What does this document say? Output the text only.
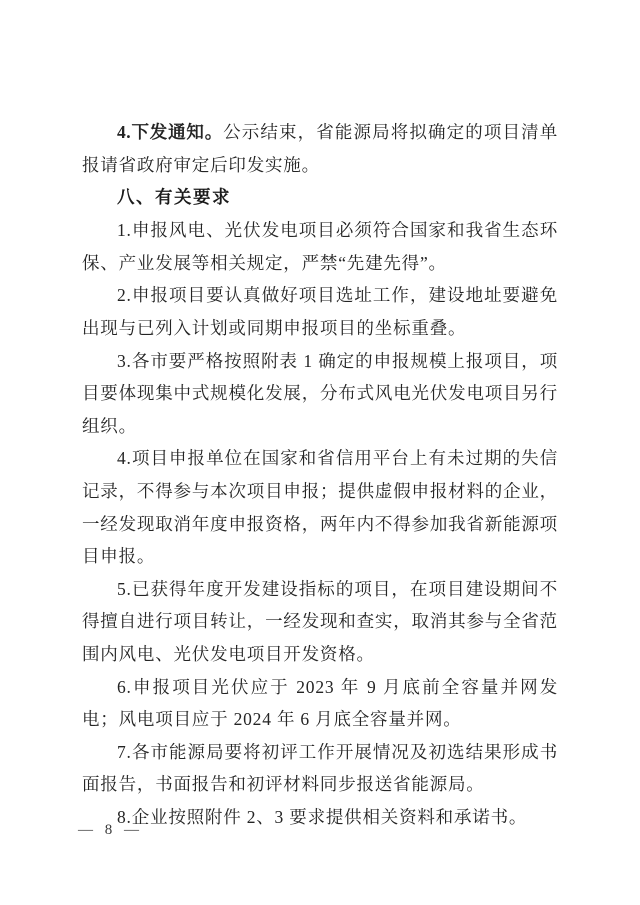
4.下发通知。公示结束，省能源局将拟确定的项目清单报请省政府审定后印发实施。

八、有关要求

1.申报风电、光伏发电项目必须符合国家和我省生态环保、产业发展等相关规定，严禁“先建先得”。

2.申报项目要认真做好项目选址工作，建设地址要避免出现与已列入计划或同期申报项目的坐标重叠。

3.各市要严格按照附表 1 确定的申报规模上报项目，项目要体现集中式规模化发展，分布式风电光伏发电项目另行组织。

4.项目申报单位在国家和省信用平台上有未过期的失信记录，不得参与本次项目申报；提供虚假申报材料的企业，一经发现取消年度申报资格，两年内不得参加我省新能源项目申报。

5.已获得年度开发建设指标的项目，在项目建设期间不得擅自进行项目转让，一经发现和查实，取消其参与全省范围内风电、光伏发电项目开发资格。

6.申报项目光伏应于 2023 年 9 月底前全容量并网发电；风电项目应于 2024 年 6 月底全容量并网。

7.各市能源局要将初评工作开展情况及初选结果形成书面报告，书面报告和初评材料同步报送省能源局。

8.企业按照附件 2、3 要求提供相关资料和承诺书。

— 8 —
